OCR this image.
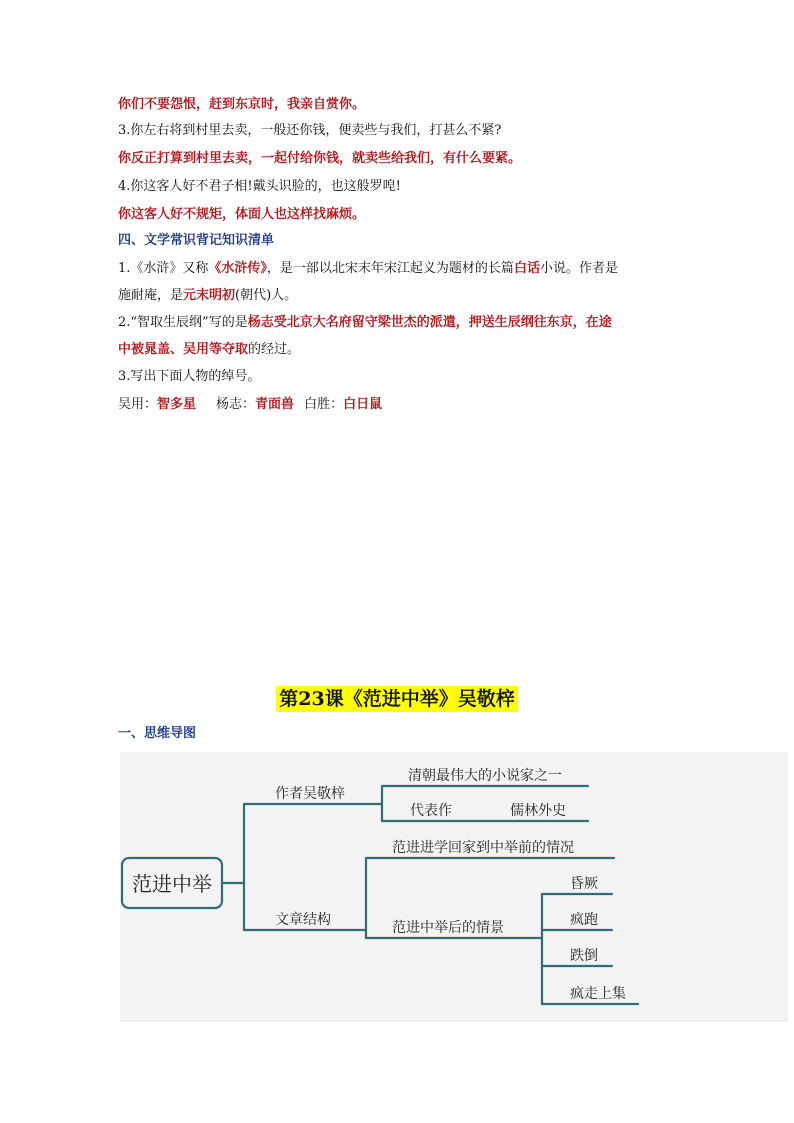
你们不要怨恨，赶到东京时，我亲自赏你。
3.你左右将到村里去卖，一般还你钱，便卖些与我们，打甚么不紧?
你反正打算到村里去卖，一起付给你钱，就卖些给我们，有什么要紧。
4.你这客人好不君子相!戴头识脸的，也这般罗唣!
你这客人好不规矩，体面人也这样找麻烦。
四、文学常识背记知识清单
1.《水浒》又称《水浒传》，是一部以北宋末年宋江起义为题材的长篇白话小说。作者是
施耐庵，是元末明初(朝代)人。
2.“智取生辰纲”写的是杨志受北京大名府留守梁世杰的派遣，押送生辰纲往东京，在途
中被晁盖、吴用等夺取的经过。
3.写出下面人物的绰号。
吴用：智多星 杨志：青面兽 白胜：白日鼠
第23课《范进中举》吴敬梓
一、思维导图
范进中举
作者吴敬梓
清朝最伟大的小说家之一
代表作	儒林外史
文章结构
范进进学回家到中举前的情况
范进中举后的情景
昏厥
疯跑
跌倒
疯走上集
